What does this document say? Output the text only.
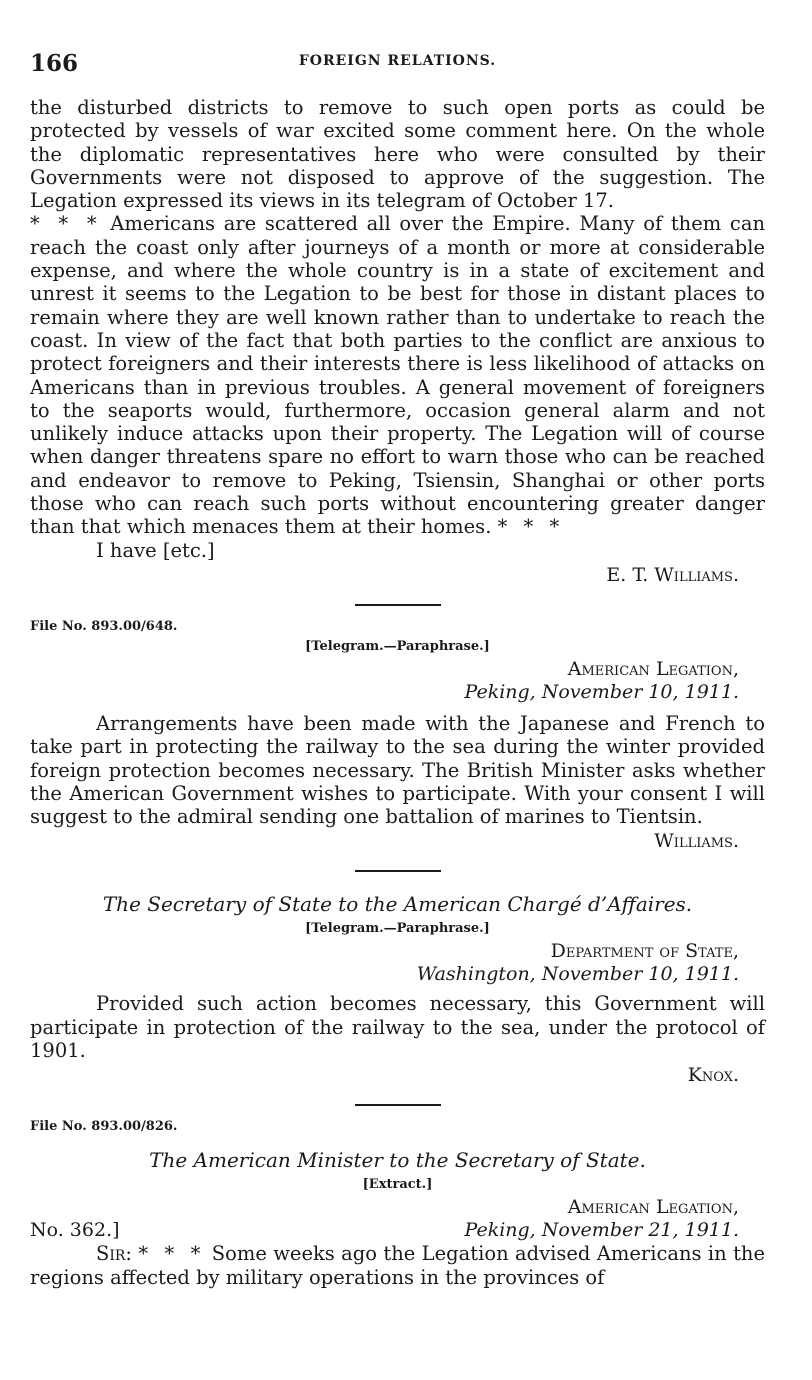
166	FOREIGN RELATIONS.

the disturbed districts to remove to such open ports as could be protected by vessels of war excited some comment here. On the whole the diplomatic representatives here who were consulted by their Governments were not disposed to approve of the suggestion. The Legation expressed its views in its telegram of October 17.
* * * Americans are scattered all over the Empire. Many of them can reach the coast only after journeys of a month or more at considerable expense, and where the whole country is in a state of excitement and unrest it seems to the Legation to be best for those in distant places to remain where they are well known rather than to undertake to reach the coast. In view of the fact that both parties to the conflict are anxious to protect foreigners and their interests there is less likelihood of attacks on Americans than in previous troubles. A general movement of foreigners to the seaports would, furthermore, occasion general alarm and not unlikely induce attacks upon their property. The Legation will of course when danger threatens spare no effort to warn those who can be reached and endeavor to remove to Peking, Tsiensin, Shanghai or other ports those who can reach such ports without encountering greater danger than that which menaces them at their homes. * * *

I have [etc.]

E. T. Williams.
File No. 893.00/648.
[Telegram.—Paraphrase.]
American Legation,
Peking, November 10, 1911.

Arrangements have been made with the Japanese and French to take part in protecting the railway to the sea during the winter provided foreign protection becomes necessary. The British Minister asks whether the American Government wishes to participate. With your consent I will suggest to the admiral sending one battalion of marines to Tientsin.

Williams.
The Secretary of State to the American Chargé d’Affaires.
[Telegram.—Paraphrase.]
Department of State,
Washington, November 10, 1911.

Provided such action becomes necessary, this Government will participate in protection of the railway to the sea, under the protocol of 1901.

Knox.
File No. 893.00/826.
The American Minister to the Secretary of State.
[Extract.]
American Legation,
No. 362.]	Peking, November 21, 1911.

Sir: * * * Some weeks ago the Legation advised Americans in the regions affected by military operations in the provinces of
